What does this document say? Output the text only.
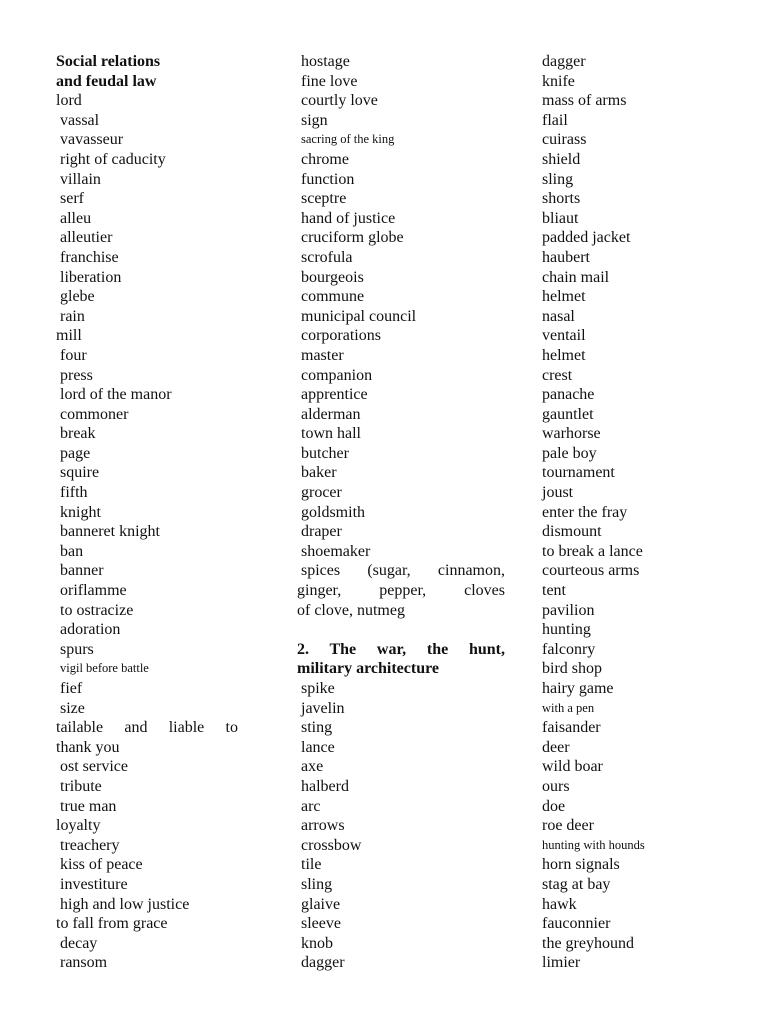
Social relations
and feudal law
lord
vassal
vavasseur
right of caducity
villain
serf
alleu
alleutier
franchise
liberation
glebe
rain
mill
four
press
lord of the manor
commoner
break
page
squire
fifth
knight
banneret knight
ban
banner
oriflamme
to ostracize
adoration
spurs
vigil before battle
fief
size
tailable and liable to
thank you
ost service
tribute
true man
loyalty
treachery
kiss of peace
investiture
high and low justice
to fall from grace
decay
ransom
hostage
fine love
courtly love
sign
sacring of the king
chrome
function
sceptre
hand of justice
cruciform globe
scrofula
bourgeois
commune
municipal council
corporations
master
companion
apprentice
alderman
town hall
butcher
baker
grocer
goldsmith
draper
shoemaker
spices (sugar, cinnamon,
ginger, pepper, cloves
of clove, nutmeg
2. The war, the hunt,
military architecture
spike
javelin
sting
lance
axe
halberd
arc
arrows
crossbow
tile
sling
glaive
sleeve
knob
dagger
dagger
knife
mass of arms
flail
cuirass
shield
sling
shorts
bliaut
padded jacket
haubert
chain mail
helmet
nasal
ventail
helmet
crest
panache
gauntlet
warhorse
pale boy
tournament
joust
enter the fray
dismount
to break a lance
courteous arms
tent
pavilion
hunting
falconry
bird shop
hairy game
with a pen
faisander
deer
wild boar
ours
doe
roe deer
hunting with hounds
horn signals
stag at bay
hawk
fauconnier
the greyhound
limier
